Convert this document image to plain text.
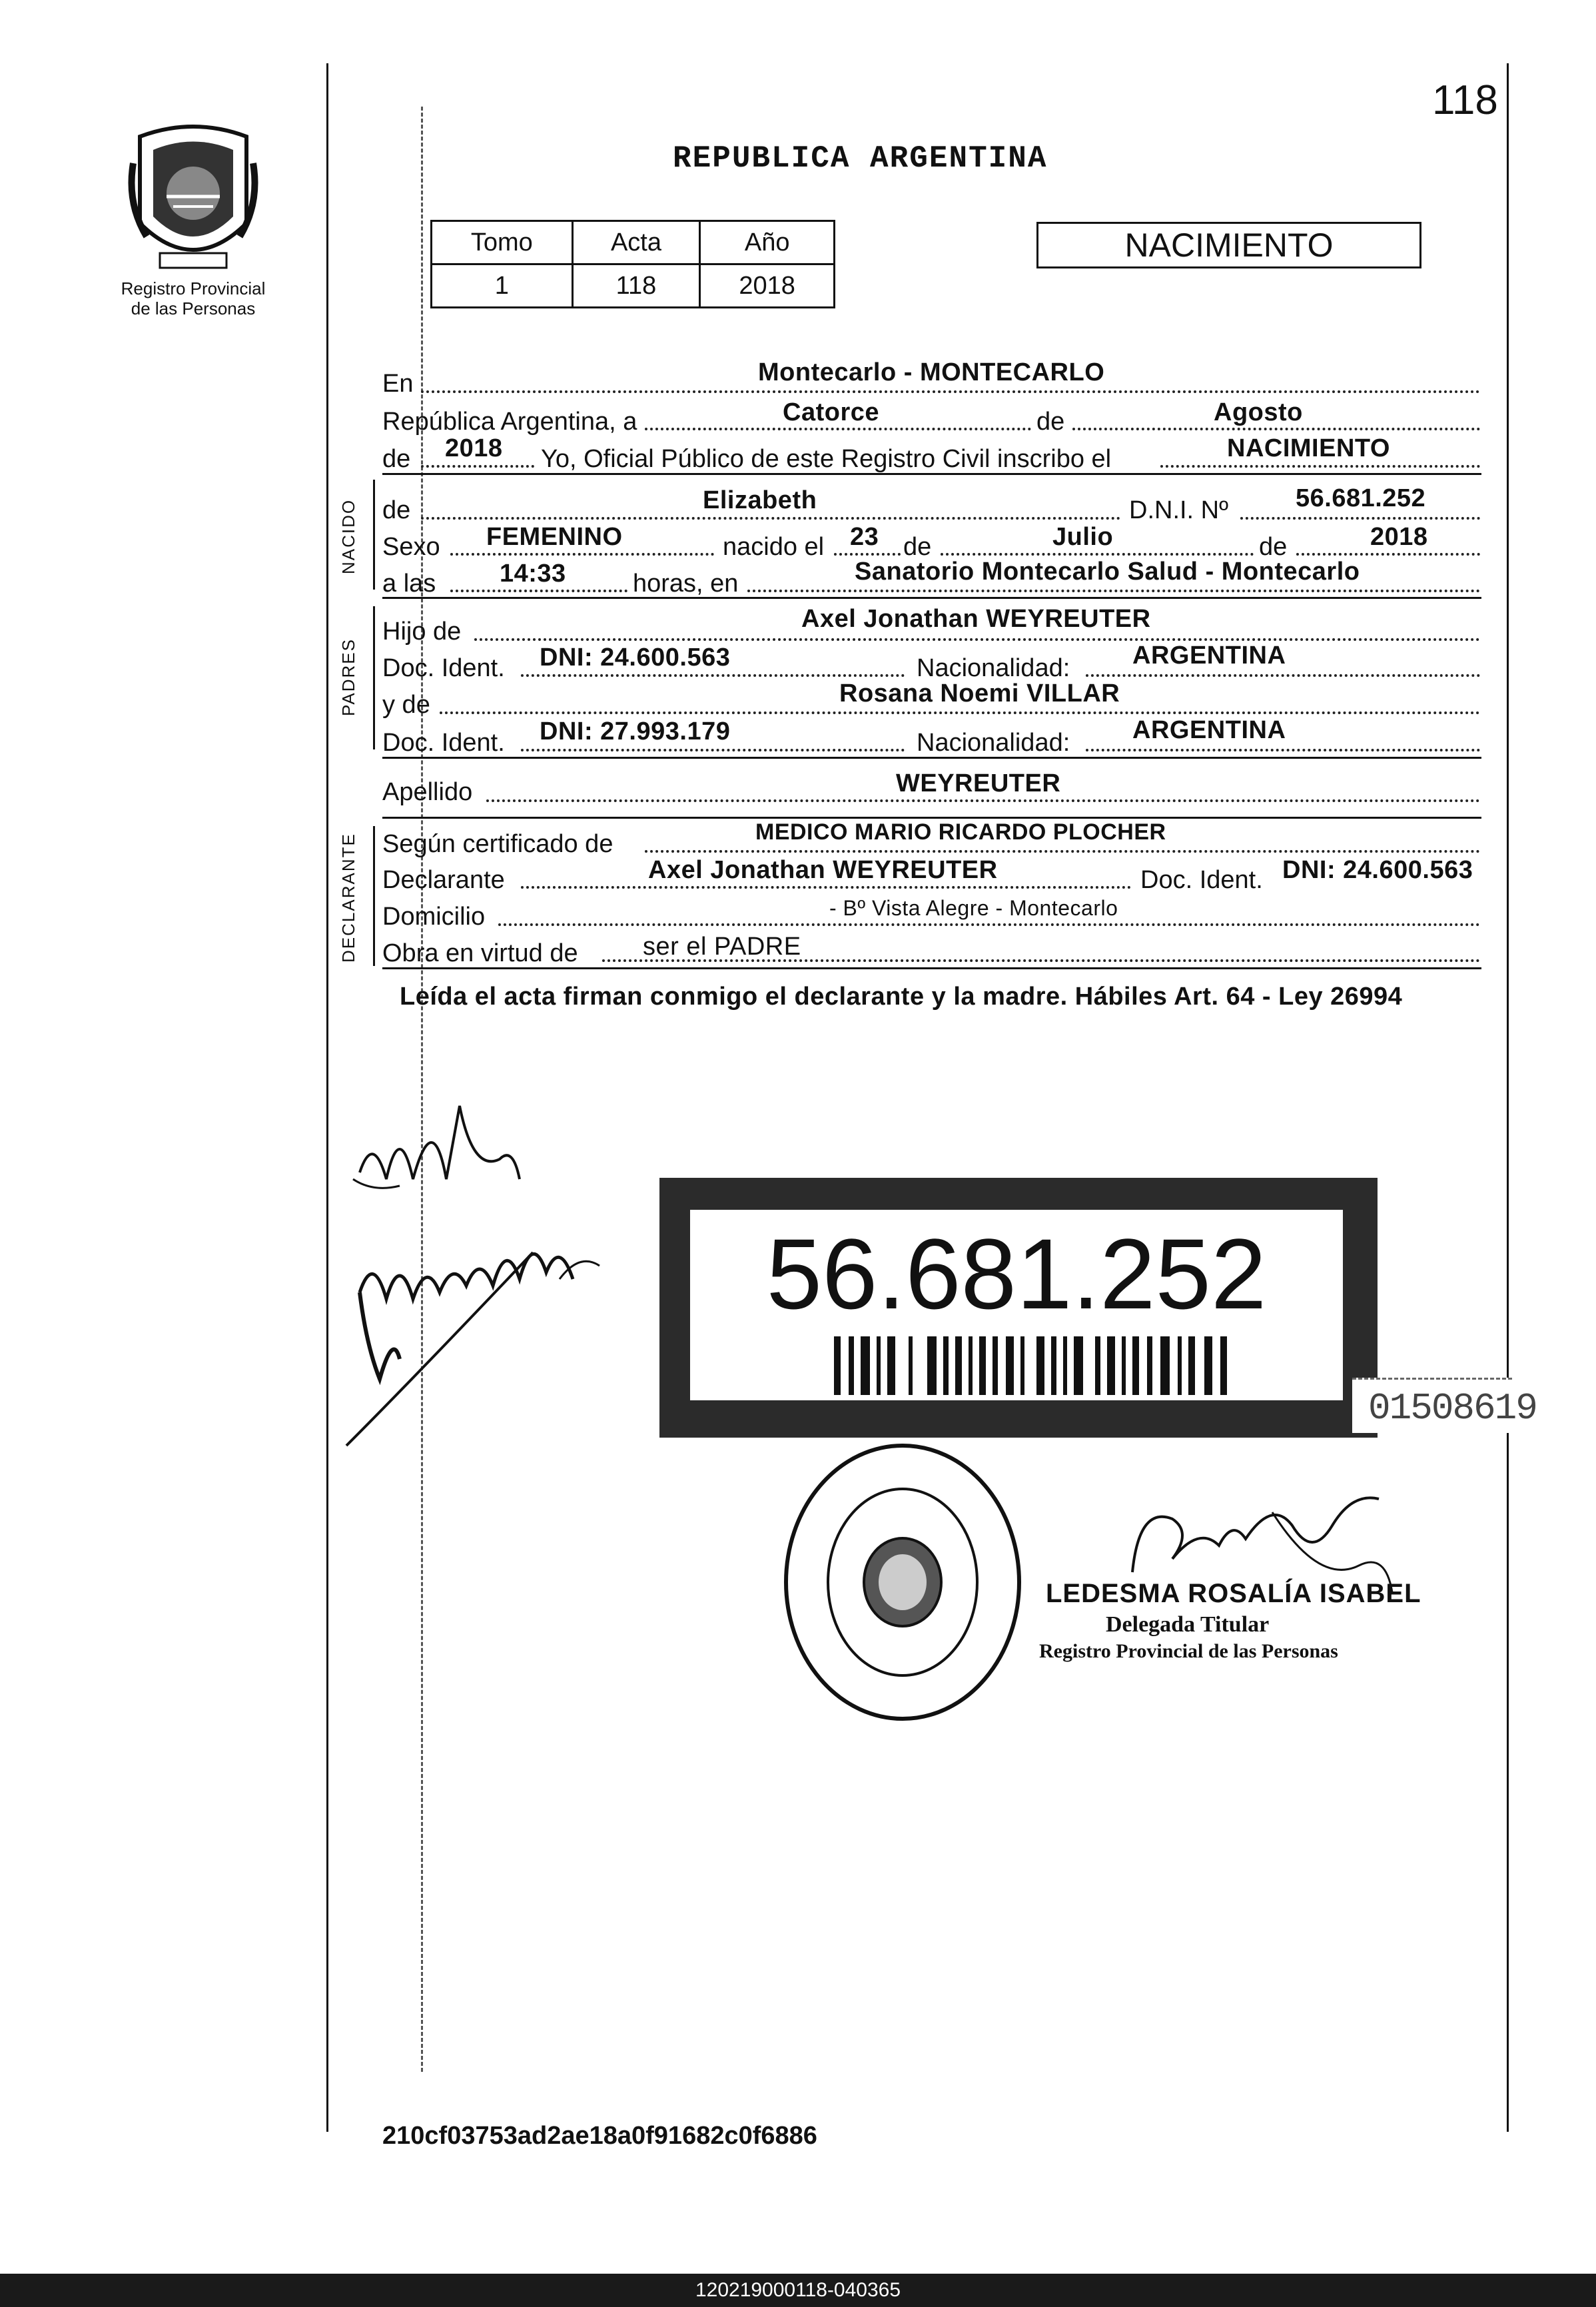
Registro Provincial
de las Personas
118
REPUBLICA ARGENTINA
Tomo	Acta	Año
1	118	2018
NACIMIENTO
En	Montecarlo - MONTECARLO
República Argentina, a	Catorce	de	Agosto
de 2018 Yo, Oficial Público de este Registro Civil inscribo el	NACIMIENTO
NACIDO de	Elizabeth	D.N.I. Nº	56.681.252
Sexo FEMENINO	nacido el 23 de	Julio	de	2018
a las	14:33	horas, en	Sanatorio Montecarlo Salud - Montecarlo
PADRES
Hijo de	Axel Jonathan WEYREUTER
Doc. Ident. DNI: 24.600.563	Nacionalidad: ARGENTINA
y de	Rosana Noemi VILLAR
Doc. Ident. DNI: 27.993.179	Nacionalidad: ARGENTINA
Apellido	WEYREUTER
DECLARANTE Según certificado de	MEDICO MARIO RICARDO PLOCHER
Declarante	Axel Jonathan WEYREUTER	Doc. Ident. DNI: 24.600.563
Domicilio	- Bº Vista Alegre - Montecarlo
Obra en virtud de	ser el PADRE
Leída el acta firman conmigo el declarante y la madre. Hábiles Art. 64 - Ley 26994
56.681.252
01508619
LEDESMA ROSALÍA ISABEL
Delegada Titular
Registro Provincial de las Personas
210cf03753ad2ae18a0f91682c0f6886
120219000118-040365
